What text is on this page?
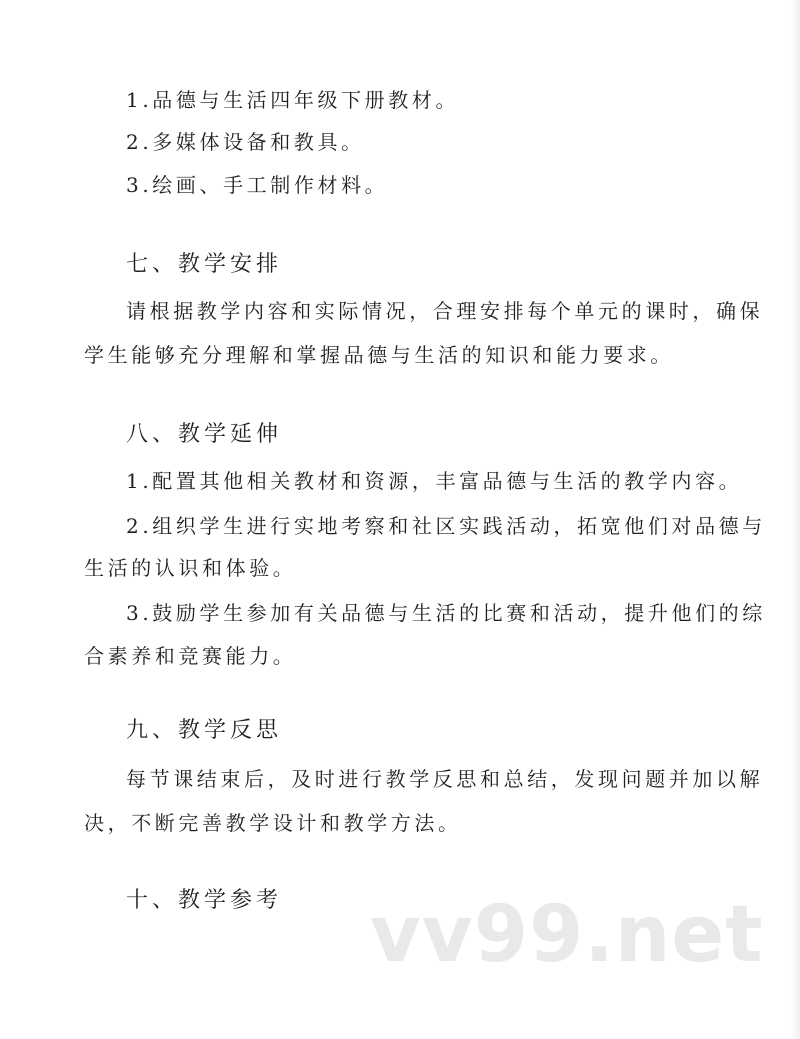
1.品德与生活四年级下册教材。
2.多媒体设备和教具。
3.绘画、手工制作材料。
七、教学安排
请根据教学内容和实际情况，合理安排每个单元的课时，确保
学生能够充分理解和掌握品德与生活的知识和能力要求。
八、教学延伸
1.配置其他相关教材和资源，丰富品德与生活的教学内容。
2.组织学生进行实地考察和社区实践活动，拓宽他们对品德与
生活的认识和体验。
3.鼓励学生参加有关品德与生活的比赛和活动，提升他们的综
合素养和竞赛能力。
九、教学反思
每节课结束后，及时进行教学反思和总结，发现问题并加以解
决，不断完善教学设计和教学方法。
十、教学参考 vv99.net
